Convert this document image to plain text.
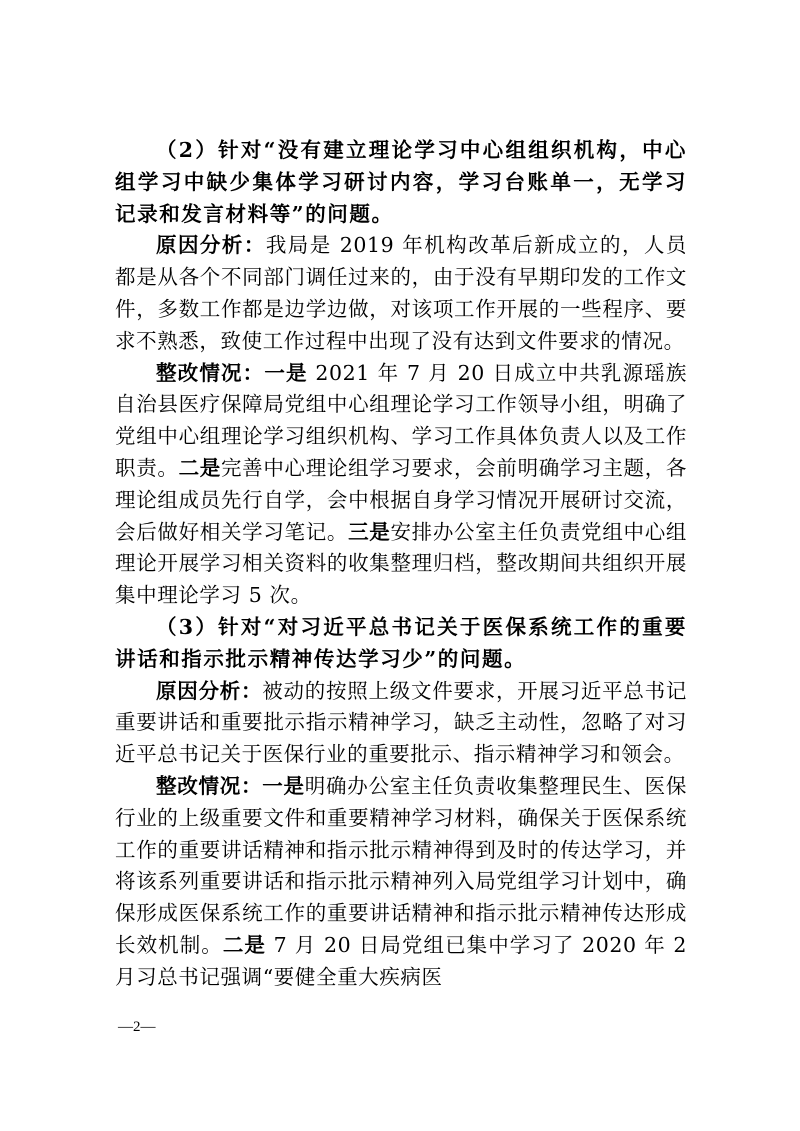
（2）针对“没有建立理论学习中心组组织机构，中心组学习中缺少集体学习研讨内容，学习台账单一，无学习记录和发言材料等”的问题。

原因分析：我局是 2019 年机构改革后新成立的，人员都是从各个不同部门调任过来的，由于没有早期印发的工作文件，多数工作都是边学边做，对该项工作开展的一些程序、要求不熟悉，致使工作过程中出现了没有达到文件要求的情况。

整改情况：一是 2021 年 7 月 20 日成立中共乳源瑶族自治县医疗保障局党组中心组理论学习工作领导小组，明确了党组中心组理论学习组织机构、学习工作具体负责人以及工作职责。二是完善中心理论组学习要求，会前明确学习主题，各理论组成员先行自学，会中根据自身学习情况开展研讨交流，会后做好相关学习笔记。三是安排办公室主任负责党组中心组理论开展学习相关资料的收集整理归档，整改期间共组织开展集中理论学习 5 次。

（3）针对“对习近平总书记关于医保系统工作的重要讲话和指示批示精神传达学习少”的问题。

原因分析：被动的按照上级文件要求，开展习近平总书记重要讲话和重要批示指示精神学习，缺乏主动性，忽略了对习近平总书记关于医保行业的重要批示、指示精神学习和领会。

整改情况：一是明确办公室主任负责收集整理民生、医保行业的上级重要文件和重要精神学习材料，确保关于医保系统工作的重要讲话精神和指示批示精神得到及时的传达学习，并将该系列重要讲话和指示批示精神列入局党组学习计划中，确保形成医保系统工作的重要讲话精神和指示批示精神传达形成长效机制。二是 7 月 20 日局党组已集中学习了 2020 年 2 月习总书记强调“要健全重大疾病医

—2—
